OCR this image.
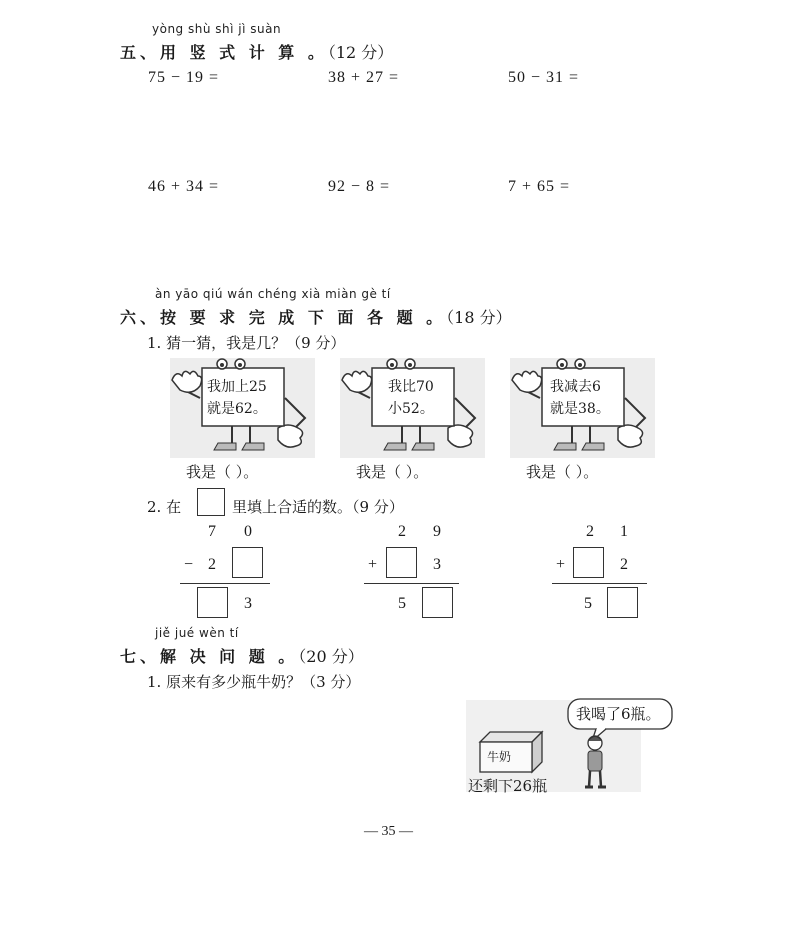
yòng shù shì jì suàn
五、用 竖 式 计 算 。（12 分）
75 − 19 =	38 + 27 =	50 − 31 =
46 + 34 =	92 − 8 =	7 + 65 =
àn yāo qiú wán chéng xià miàn gè tí
六、按 要 求 完 成 下 面 各 题 。（18 分）
1. 猜一猜，我是几？（9 分）
我加上25
就是62。
我比70
小52。
我减去6
就是38。
我是（ ）。	我是（ ）。	我是（ ）。
2. 在	里填上合适的数。（9 分）
7 0
− 2
3
2 9
+	3
5
2 1
+	2
5
jiě jué wèn tí
七、解 决 问 题 。（20 分）
1. 原来有多少瓶牛奶？（3 分）
牛奶
还剩下26瓶
我喝了6瓶。
— 35 —
